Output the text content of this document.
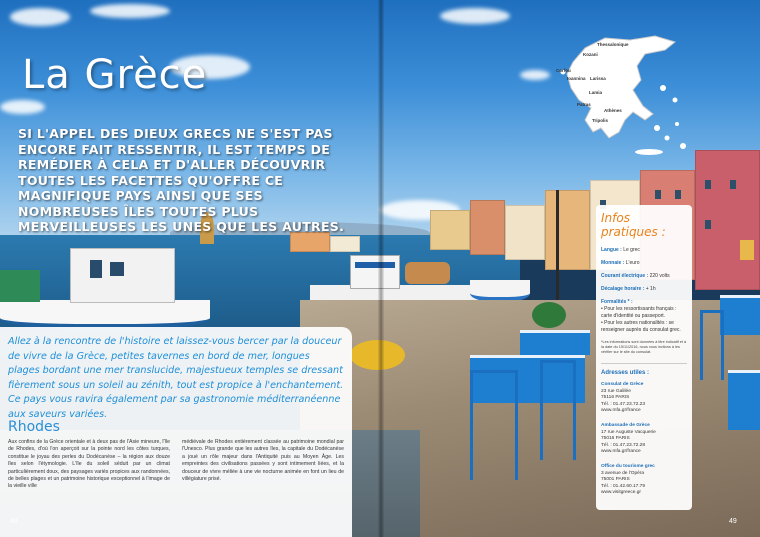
Thessalonique
Kozani
Corfou
Ioannina Larissa
Lamia
Patras
Athènes
Tripolis
La Grèce
SI L'APPEL DES DIEUX GRECS NE S'EST PAS ENCORE FAIT RESSENTIR, IL EST TEMPS DE REMÉDIER À CELA ET D'ALLER DÉCOUVRIR TOUTES LES FACETTES QU'OFFRE CE MAGNIFIQUE PAYS AINSI QUE SES NOMBREUSES ÎLES TOUTES PLUS MERVEILLEUSES LES UNES QUE LES AUTRES.
Allez à la rencontre de l'histoire et laissez-vous bercer par la douceur de vivre de la Grèce, petites tavernes en bord de mer, longues plages bordant une mer translucide, majestueux temples se dressant fièrement sous un soleil au zénith, tout est propice à l'enchantement. Ce pays vous ravira également par sa gastronomie méditerranéenne aux saveurs variées.
Rhodes
Aux confins de la Grèce orientale et à deux pas de l'Asie mineure, l'île de Rhodes, d'où l'on aperçoit sur la pointe nord les côtes turques, constitue le joyau des perles du Dodécanèse – la région aux douze îles selon l'étymologie. L'île du soleil séduit par un climat particulièrement doux, des paysages variés propices aux randonnées, de belles plages et un patrimoine historique exceptionnel à l'image de la vieille ville
médiévale de Rhodes entièrement classée au patrimoine mondial par l'Unesco. Plus grande que les autres îles, la capitale du Dodécanèse a joué un rôle majeur dans l'Antiquité puis au Moyen Âge. Les empreintes des civilisations passées y sont intimement liées, et la douceur de vivre méliée à une vie nocturne animée en font un lieu de villégiature prisé.
48	49
Infos pratiques :
Langue : Le grec
Monnaie : L'euro
Courant électrique : 220 volts
Décalage horaire : + 1h
Formalités * :
• Pour les ressortissants français : carte d'identité ou passeport.
• Pour les autres nationalités : se renseigner auprès du consulat grec.
*Les informations sont données à titre indicatif et à la date du 15/11/2016, nous vous invitons à les vérifier sur le site du consulat.
Adresses utiles :
Consulat de Grèce
23 rue Galilée
75116 PARIS
Tél. : 01.47.23.72.23
www.mfa.gr/france
Ambassade de Grèce
17 rue Auguste Vacquerie
75016 PARIS
Tél. : 01.47.23.72.28
www.mfa.gr/france
Office du tourisme grec
3 avenue de l'Opéra
75001 PARIS
Tél. : 01.42.60.17.79
www.visitgreece.gr
